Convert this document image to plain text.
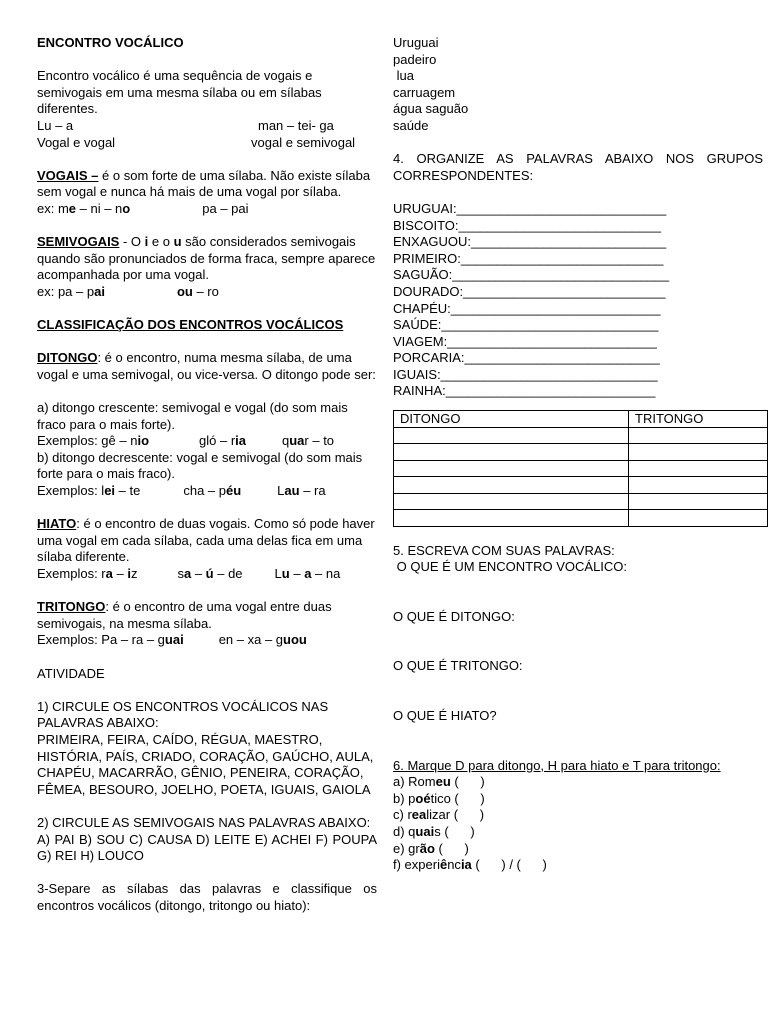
ENCONTRO VOCÁLICO

Encontro vocálico é uma sequência de vogais e semivogais em uma mesma sílaba ou em sílabas diferentes.

Lu – a	man – tei- ga
Vogal e vogal	vogal e semivogal

VOGAIS – é o som forte de uma sílaba. Não existe sílaba sem vogal e nunca há mais de uma vogal por sílaba.

ex: me – ni – no	pa – pai

SEMIVOGAIS - O i e o u são considerados semivogais quando são pronunciados de forma fraca, sempre aparece acompanhada por uma vogal.

ex: pa – pai	ou – ro

CLASSIFICAÇÃO DOS ENCONTROS VOCÁLICOS

DITONGO: é o encontro, numa mesma sílaba, de uma vogal e uma semivogal, ou vice-versa. O ditongo pode ser:

a) ditongo crescente: semivogal e vogal (do som mais fraco para o mais forte).

Exemplos: gê – nio	gló – ria	quar – to

b) ditongo decrescente: vogal e semivogal (do som mais forte para o mais fraco).

Exemplos: lei – te	cha – péu	Lau – ra

HIATO: é o encontro de duas vogais. Como só pode haver uma vogal em cada sílaba, cada uma delas fica em uma sílaba diferente.

Exemplos: ra – iz	sa – ú – de Lu – a – na

TRITONGO: é o encontro de uma vogal entre duas semivogais, na mesma sílaba.

Exemplos: Pa – ra – guai	en – xa – guou

ATIVIDADE

1) CIRCULE OS ENCONTROS VOCÁLICOS NAS PALAVRAS ABAIXO:

PRIMEIRA, FEIRA, CAÍDO, RÉGUA, MAESTRO, HISTÓRIA, PAÍS, CRIADO, CORAÇÃO, GAÚCHO, AULA, CHAPÉU, MACARRÃO, GÊNIO, PENEIRA, CORAÇÃO, FÊMEA, BESOURO, JOELHO, POETA, IGUAIS, GAIOLA

2) CIRCULE AS SEMIVOGAIS NAS PALAVRAS ABAIXO:

A) PAI B) SOU C) CAUSA D) LEITE E) ACHEI F) POUPA G) REI H) LOUCO

3-Separe as sílabas das palavras e classifique os encontros vocálicos (ditongo, tritongo ou hiato):

Uruguai

padeiro

lua

carruagem

água saguão

saúde

4. ORGANIZE AS PALAVRAS ABAIXO NOS GRUPOS CORRESPONDENTES:

URUGUAI:_____________________________

BISCOITO:____________________________

ENXAGUOU:___________________________

PRIMEIRO:____________________________

SAGUÃO:______________________________

DOURADO:____________________________

CHAPÉU:_____________________________

SAÚDE:______________________________

VIAGEM:_____________________________

PORCARIA:___________________________

IGUAIS:______________________________

RAINHA:_____________________________

DITONGO	TRITONGO

5. ESCREVA COM SUAS PALAVRAS:

O QUE É UM ENCONTRO VOCÁLICO:

O QUE É DITONGO:

O QUE É TRITONGO:

O QUE É HIATO?

6. Marque D para ditongo, H para hiato e T para tritongo:

a) Romeu (      )

b) poético (      )

c) realizar (      )

d) quais (      )

e) grão (      )

f) experiência (      ) / (      )
